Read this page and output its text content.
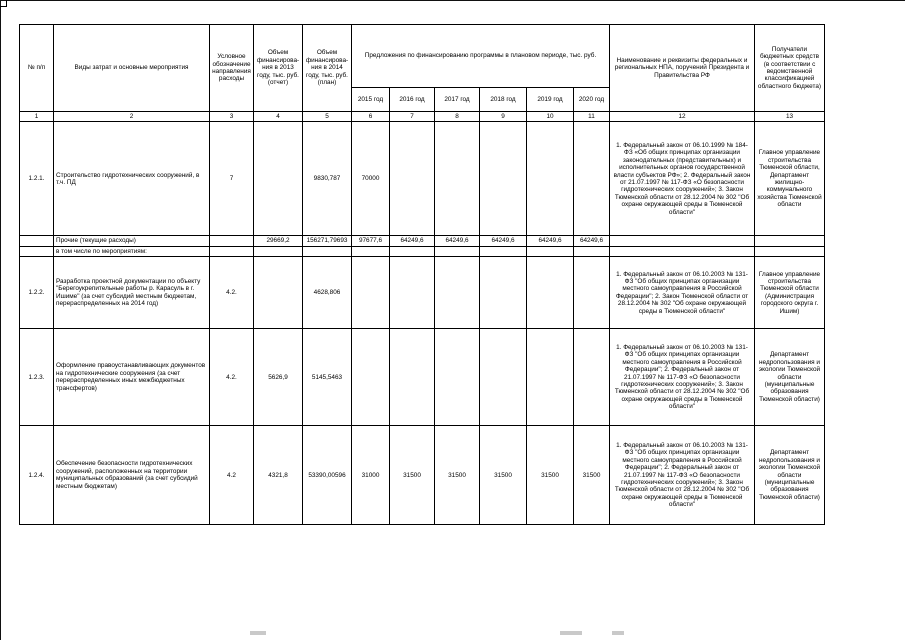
№ п/п	Виды затрат и основные мероприятия	Условное обозначение направления расходы	Объем финансирова-ния в 2013 году, тыс. руб. (отчет)	Объем финансирова-ния в 2014 году, тыс. руб. (план)	Предложения по финансированию программы в плановом периоде, тыс. руб.						Наименование и реквизиты федеральных и региональных НПА, поручений Президента и Правительства РФ	Получатели бюджетных средств (в соответствии с ведомственной классификацией областного бюджета)
					2015 год	2016 год	2017 год	2018 год	2019 год	2020 год		
1	2	3	4	5	6	7	8	9	10	11	12	13
1.2.1.	Строительство гидротехнических сооружений, в т.ч. ПД	7		9830,787	70000						1. Федеральный закон от 06.10.1999 № 184-ФЗ «Об общих принципах организации законодательных (представительных) и исполнительных органов государственной власти субъектов РФ»; 2. Федеральный закон от 21.07.1997 № 117-ФЗ «О безопасности гидротехнических сооружений»; 3. Закон Тюменской области от 28.12.2004 № 302 "Об охране окружающей среды в Тюменской области"	Главное управление строительства Тюменской области, Департамент жилищно-коммунального хозяйства Тюменской области
	Прочие (текущие расходы)		29669,2	156271,79693	97677,6	64249,6	64249,6	64249,6	64249,6	64249,6		
	в том числе по мероприятиям:											
1.2.2.	Разработка проектной документации по объекту "Берегоукрепительные работы р. Карасуль в г. Ишиме" (за счет субсидий местным бюджетам, перераспределенных на 2014 год)	4.2.		4628,806							1. Федеральный закон от 06.10.2003 № 131-ФЗ "Об общих принципах организации местного самоуправления в Российской Федерации"; 2. Закон Тюменской области от 28.12.2004 № 302 "Об охране окружающей среды в Тюменской области"	Главное управление строительства Тюменской области (Администрация городского округа г. Ишим)
1.2.3.	Оформление правоустанавливающих документов на гидротехнические сооружения (за счет перераспределенных иных межбюджетных трансфертов)	4.2.	5626,9	5145,5463							1. Федеральный закон от 06.10.2003 № 131-ФЗ "Об общих принципах организации местного самоуправления в Российской Федерации"; 2. Федеральный закон от 21.07.1997 № 117-ФЗ «О безопасности гидротехнических сооружений»; 3. Закон Тюменской области от 28.12.2004 № 302 "Об охране окружающей среды в Тюменской области"	Департамент недропользования и экологии Тюменской области (муниципальные образования Тюменской области)
1.2.4.	Обеспечение безопасности гидротехнических сооружений, расположенных на территории муниципальных образований (за счет субсидий местным бюджетам)	4.2	4321,8	53390,00596	31000	31500	31500	31500	31500	31500	1. Федеральный закон от 06.10.2003 № 131-ФЗ "Об общих принципах организации местного самоуправления в Российской Федерации"; 2. Федеральный закон от 21.07.1997 № 117-ФЗ «О безопасности гидротехнических сооружений»; 3. Закон Тюменской области от 28.12.2004 № 302 "Об охране окружающей среды в Тюменской области"	Департамент недропользования и экологии Тюменской области (муниципальные образования Тюменской области)
